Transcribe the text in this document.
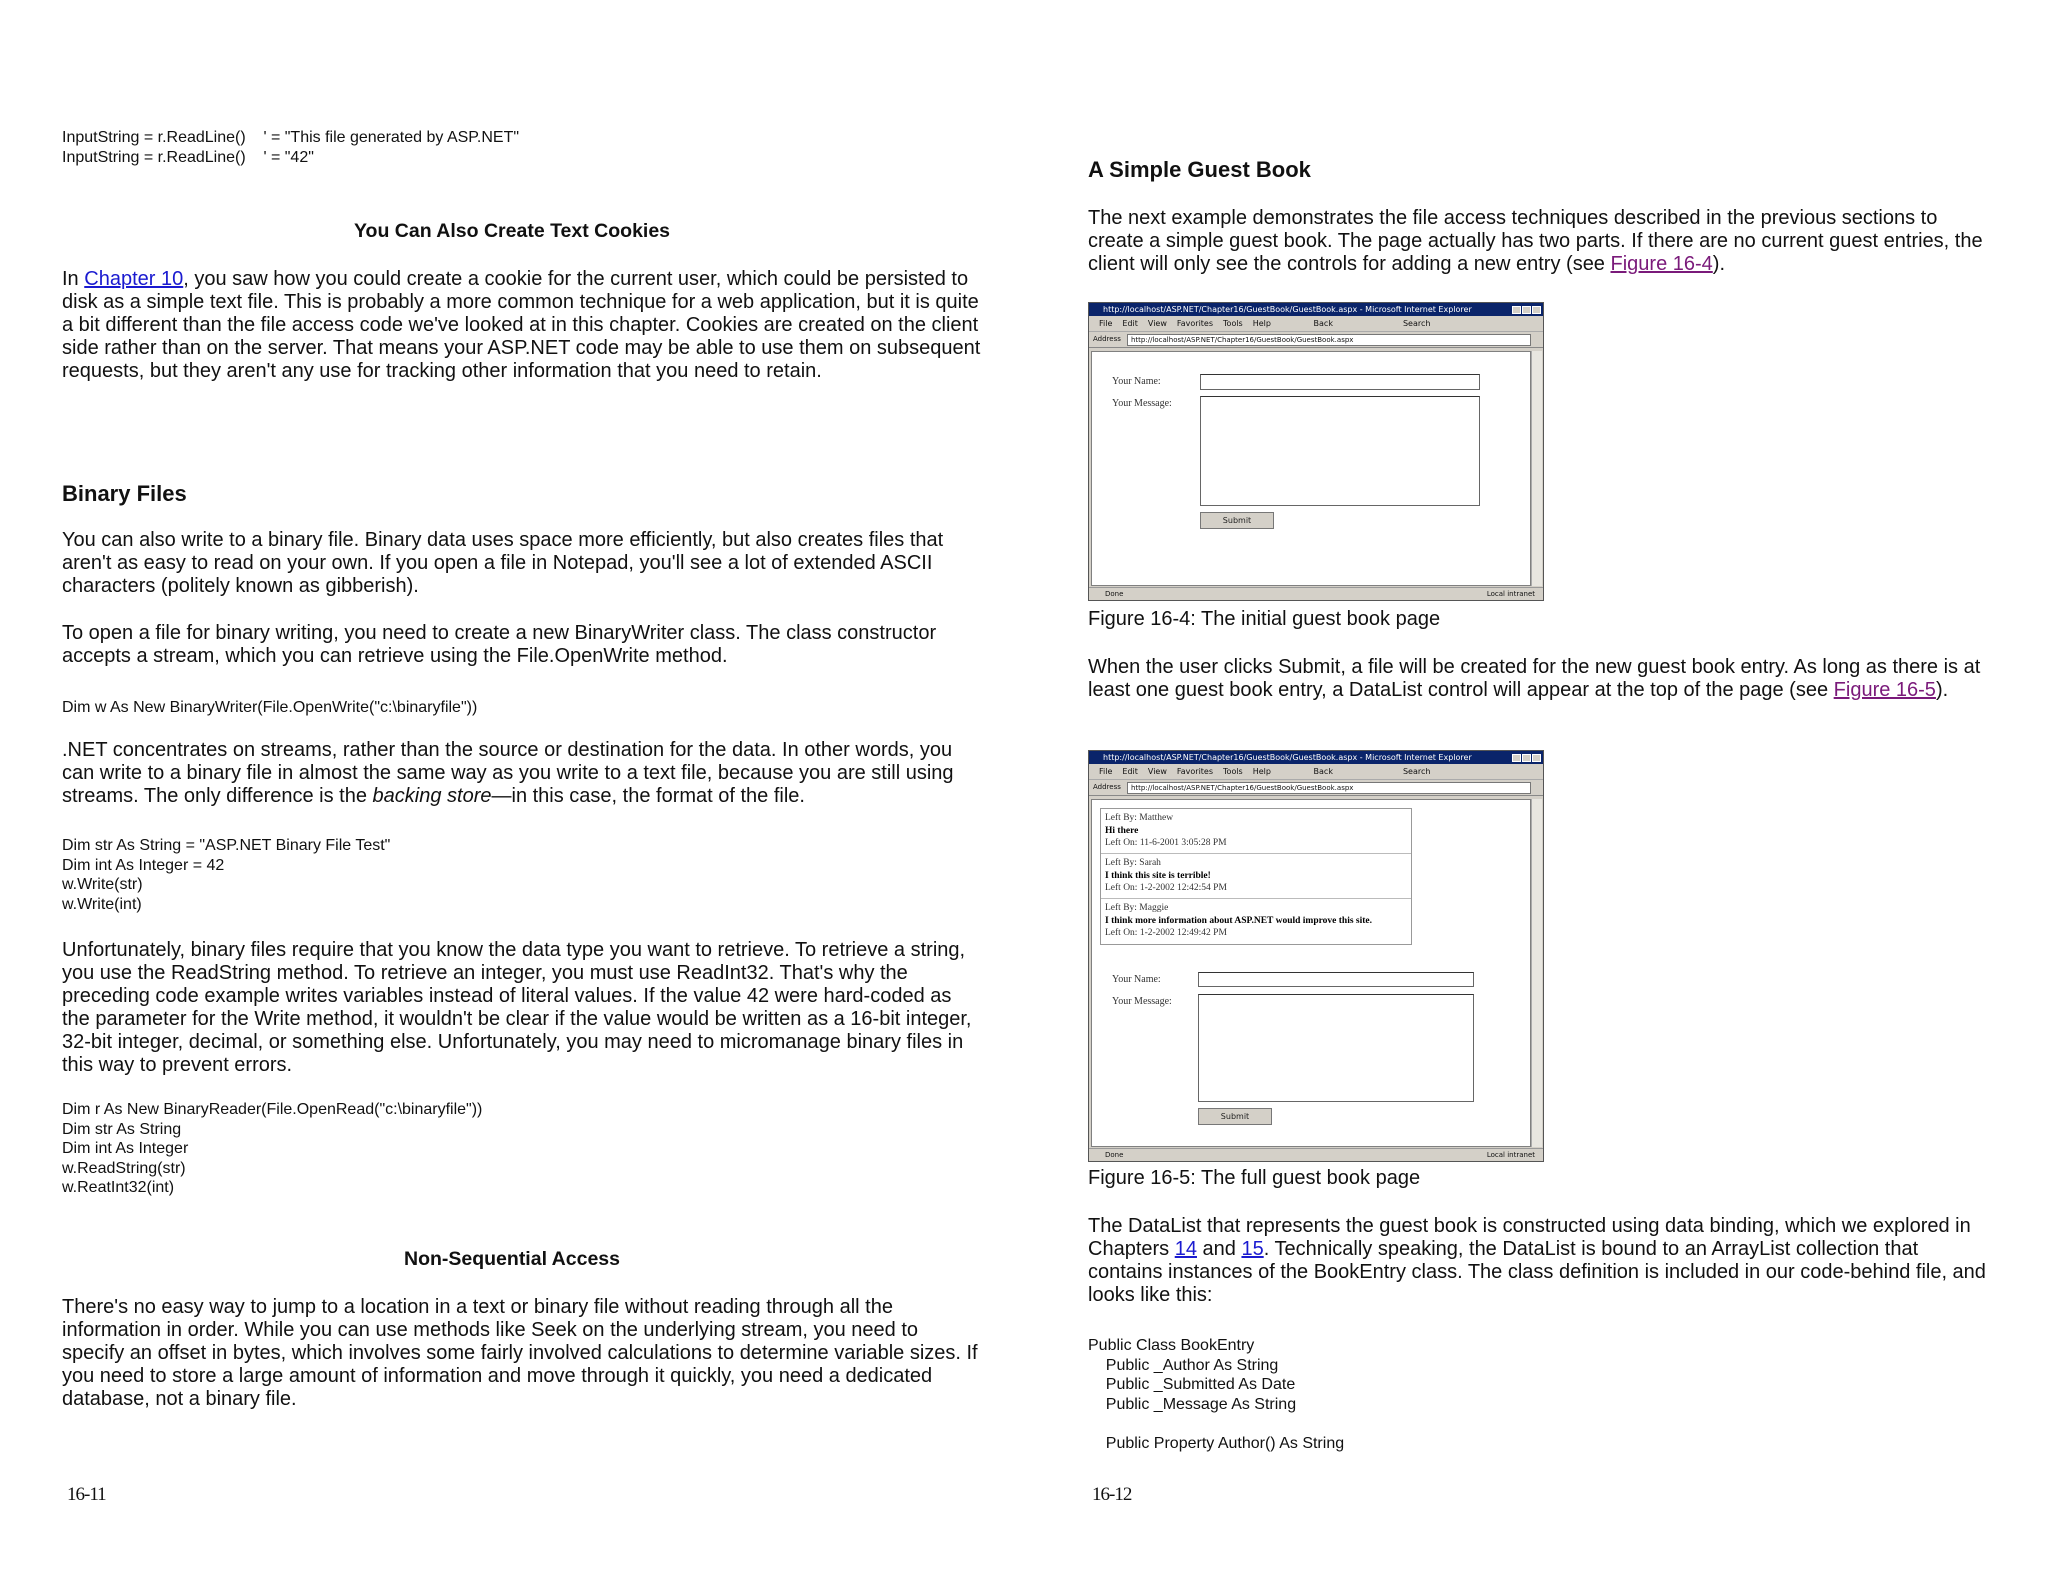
InputString = r.ReadLine()    ' = "This file generated by ASP.NET"
InputString = r.ReadLine()    ' = "42"
You Can Also Create Text Cookies

In Chapter 10, you saw how you could create a cookie for the current user, which could be persisted to disk as a simple text file. This is probably a more common technique for a web application, but it is quite a bit different than the file access code we've looked at in this chapter. Cookies are created on the client side rather than on the server. That means your ASP.NET code may be able to use them on subsequent requests, but they aren't any use for tracking other information that you need to retain.

Binary Files

You can also write to a binary file. Binary data uses space more efficiently, but also creates files that aren't as easy to read on your own. If you open a file in Notepad, you'll see a lot of extended ASCII characters (politely known as gibberish).

To open a file for binary writing, you need to create a new BinaryWriter class. The class constructor accepts a stream, which you can retrieve using the File.OpenWrite method.

Dim w As New BinaryWriter(File.OpenWrite("c:\binaryfile"))

.NET concentrates on streams, rather than the source or destination for the data. In other words, you can write to a binary file in almost the same way as you write to a text file, because you are still using streams. The only difference is the backing store—in this case, the format of the file.

Dim str As String = "ASP.NET Binary File Test"
Dim int As Integer = 42
w.Write(str)
w.Write(int)

Unfortunately, binary files require that you know the data type you want to retrieve. To retrieve a string, you use the ReadString method. To retrieve an integer, you must use ReadInt32. That's why the preceding code example writes variables instead of literal values. If the value 42 were hard-coded as the parameter for the Write method, it wouldn't be clear if the value would be written as a 16-bit integer, 32-bit integer, decimal, or something else. Unfortunately, you may need to micromanage binary files in this way to prevent errors.

Dim r As New BinaryReader(File.OpenRead("c:\binaryfile"))
Dim str As String
Dim int As Integer
w.ReadString(str)
w.ReatInt32(int)
Non-Sequential Access

There's no easy way to jump to a location in a text or binary file without reading through all the information in order. While you can use methods like Seek on the underlying stream, you need to specify an offset in bytes, which involves some fairly involved calculations to determine variable sizes. If you need to store a large amount of information and move through it quickly, you need a dedicated database, not a binary file.

16-11
A Simple Guest Book

The next example demonstrates the file access techniques described in the previous sections to create a simple guest book. The page actually has two parts. If there are no current guest entries, the client will only see the controls for adding a new entry (see Figure 16-4).

http://localhost/ASP.NET/Chapter16/GuestBook/GuestBook.aspx - Microsoft Internet Explorer
File Edit View Favorites Tools Help	Back	Search
Address	http://localhost/ASP.NET/Chapter16/GuestBook/GuestBook.aspx
Your Name:
Your Message:
Submit
Done	Local intranet
Figure 16-4: The initial guest book page

When the user clicks Submit, a file will be created for the new guest book entry. As long as there is at least one guest book entry, a DataList control will appear at the top of the page (see Figure 16-5).

http://localhost/ASP.NET/Chapter16/GuestBook/GuestBook.aspx - Microsoft Internet Explorer
File Edit View Favorites Tools Help	Back	Search
Address	http://localhost/ASP.NET/Chapter16/GuestBook/GuestBook.aspx
Left By: Matthew
Hi there
Left On: 11-6-2001 3:05:28 PM
Left By: Sarah
I think this site is terrible!
Left On: 1-2-2002 12:42:54 PM
Left By: Maggie
I think more information about ASP.NET would improve this site.
Left On: 1-2-2002 12:49:42 PM
Your Name:
Your Message:
Submit
Done	Local intranet
Figure 16-5: The full guest book page

The DataList that represents the guest book is constructed using data binding, which we explored in Chapters 14 and 15. Technically speaking, the DataList is bound to an ArrayList collection that contains instances of the BookEntry class. The class definition is included in our code-behind file, and looks like this:

Public Class BookEntry
Public _Author As String
Public _Submitted As Date
Public _Message As String

Public Property Author() As String
16-12
